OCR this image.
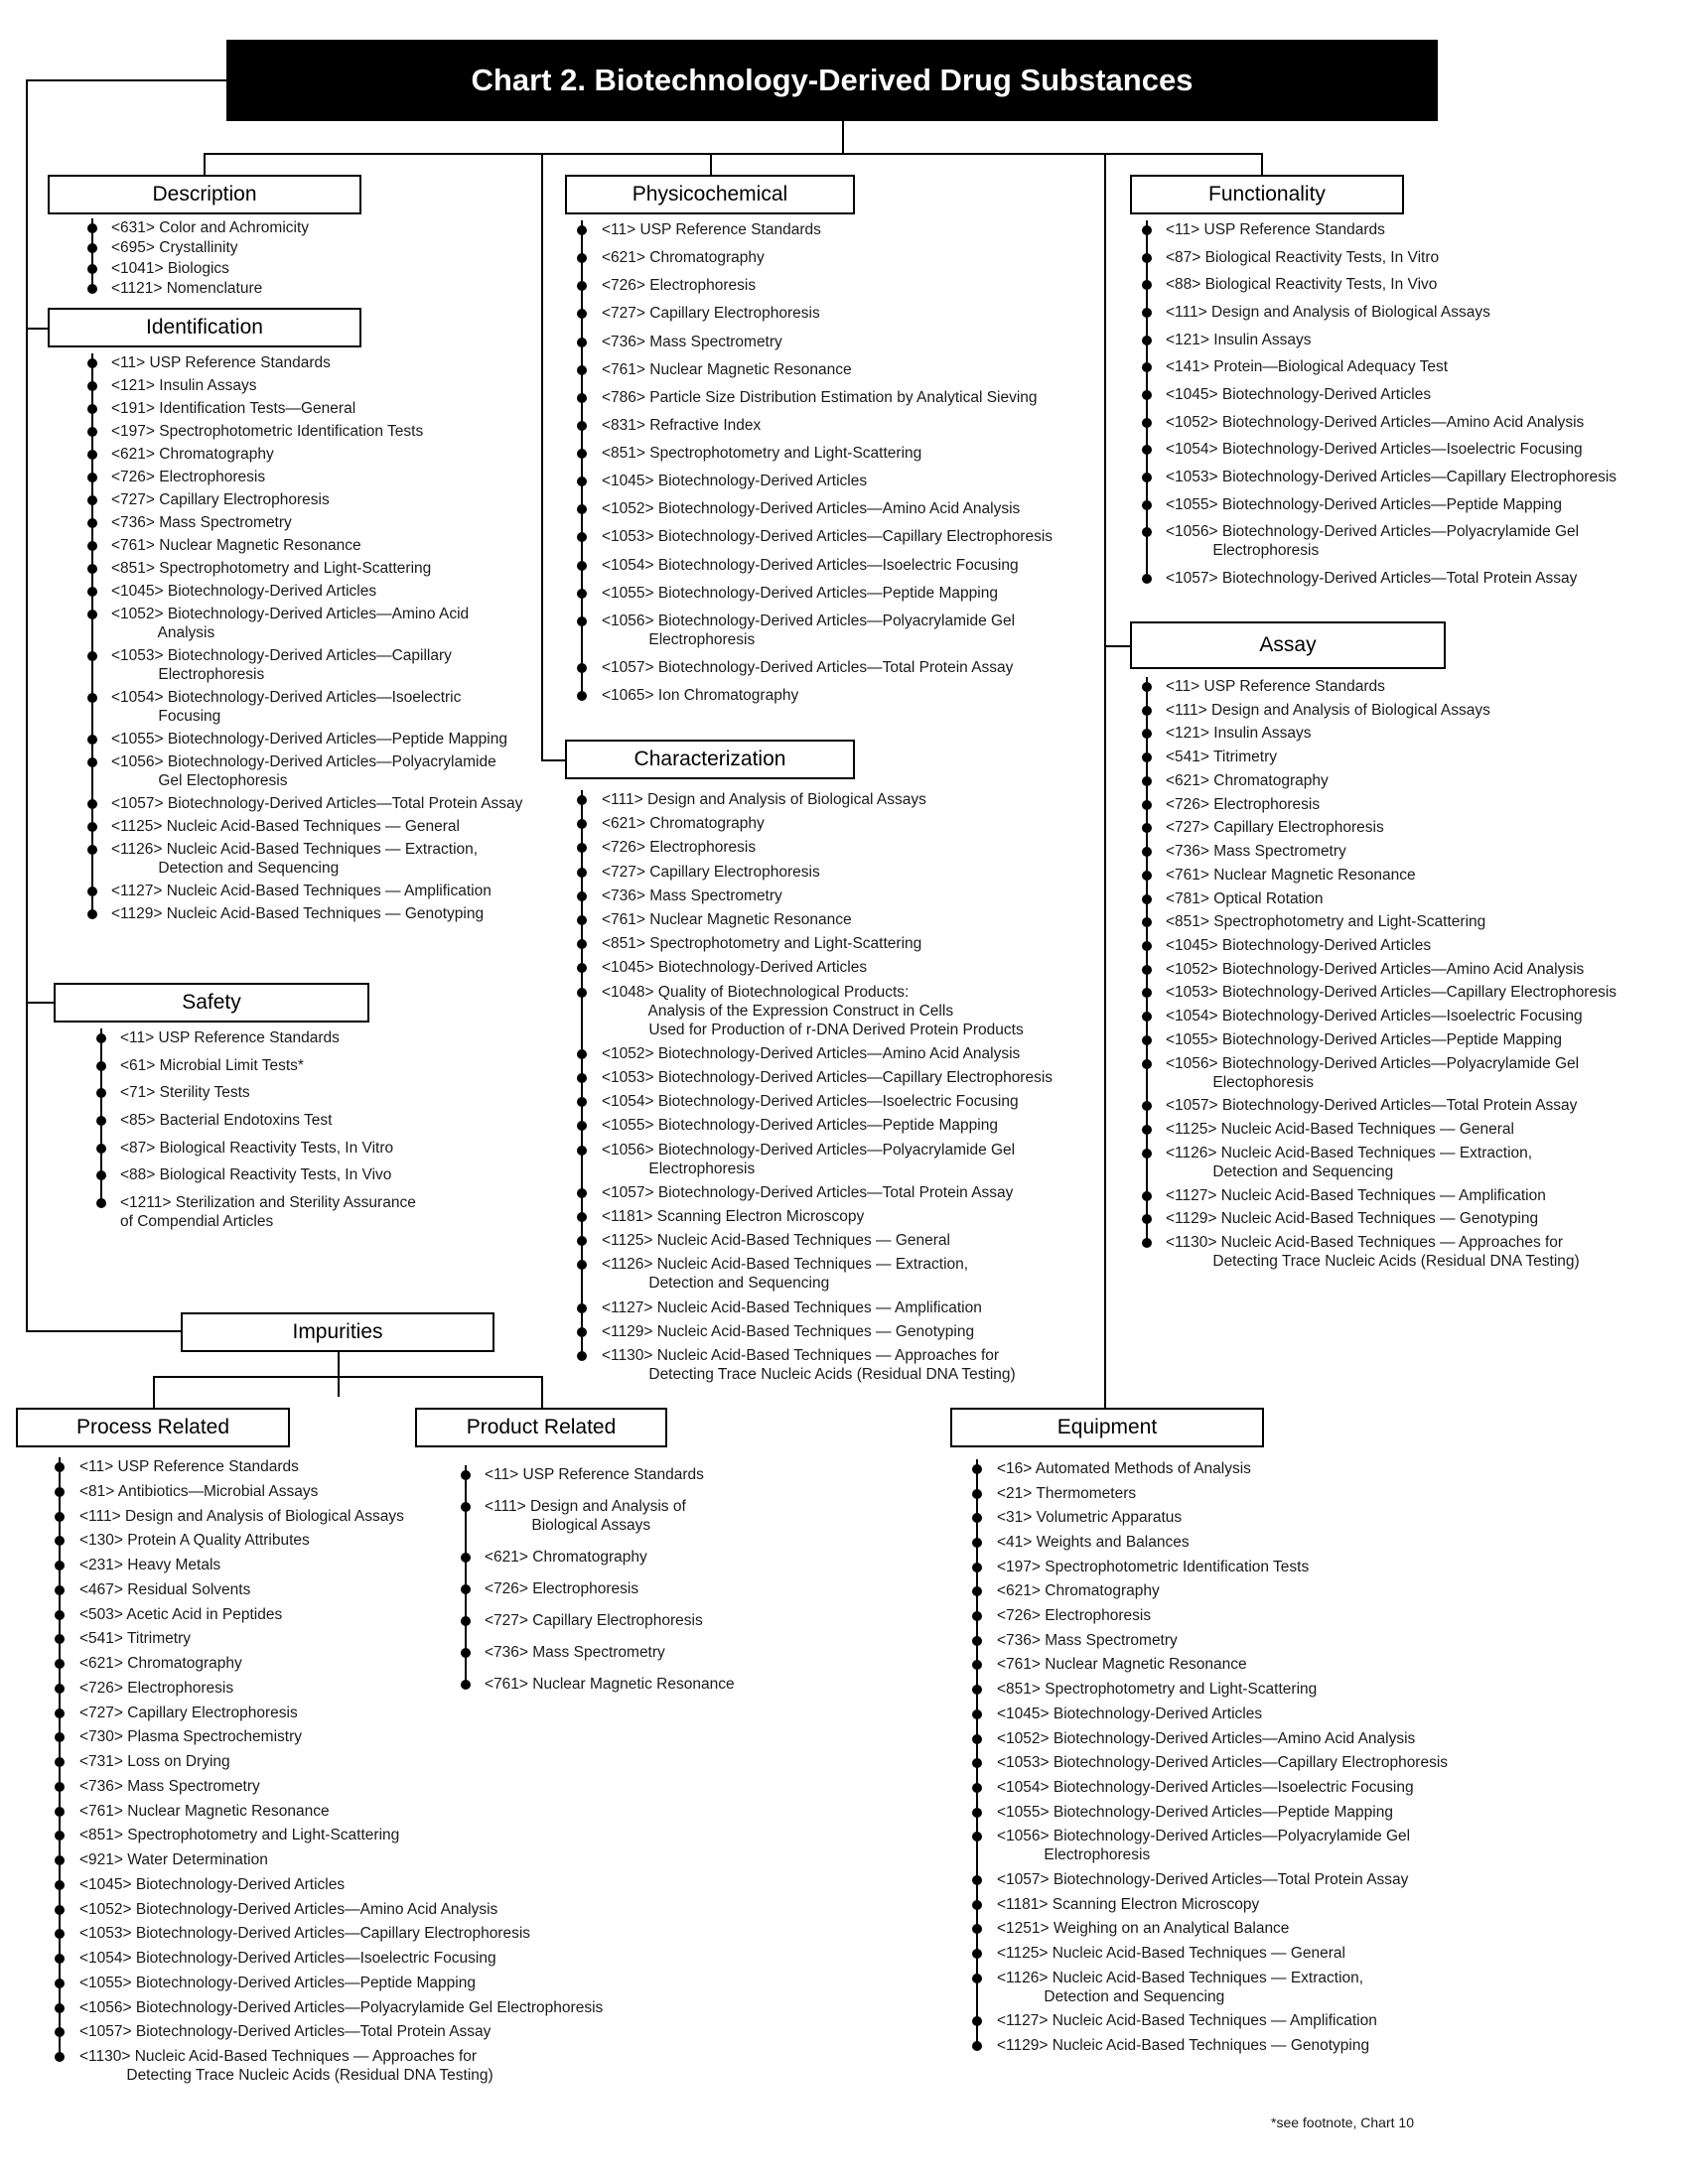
Chart 2. Biotechnology-Derived Drug Substances
Description
Identification
Safety
Physicochemical
Characterization
Functionality
Assay
Impurities
Process Related	Product Related	Equipment
<631> Color and Achromicity
<695> Crystallinity
<1041> Biologics
<1121> Nomenclature
<11> USP Reference Standards
<121> Insulin Assays
<191> Identification Tests—General
<197> Spectrophotometric Identification Tests
<621> Chromatography
<726> Electrophoresis
<727> Capillary Electrophoresis
<736> Mass Spectrometry
<761> Nuclear Magnetic Resonance
<851> Spectrophotometry and Light-Scattering
<1045> Biotechnology-Derived Articles
<1052> Biotechnology-Derived Articles—Amino Acid
Analysis
<1053> Biotechnology-Derived Articles—Capillary
Electrophoresis
<1054> Biotechnology-Derived Articles—Isoelectric
Focusing
<1055> Biotechnology-Derived Articles—Peptide Mapping
<1056> Biotechnology-Derived Articles—Polyacrylamide
Gel Electophoresis
<1057> Biotechnology-Derived Articles—Total Protein Assay
<1125> Nucleic Acid-Based Techniques — General
<1126> Nucleic Acid-Based Techniques — Extraction,
Detection and Sequencing
<1127> Nucleic Acid-Based Techniques — Amplification
<1129> Nucleic Acid-Based Techniques — Genotyping
<11> USP Reference Standards
<61> Microbial Limit Tests*
<71> Sterility Tests
<85> Bacterial Endotoxins Test
<87> Biological Reactivity Tests, In Vitro
<88> Biological Reactivity Tests, In Vivo
<1211> Sterilization and Sterility Assurance
of Compendial Articles
<11> USP Reference Standards
<621> Chromatography
<726> Electrophoresis
<727> Capillary Electrophoresis
<736> Mass Spectrometry
<761> Nuclear Magnetic Resonance
<786> Particle Size Distribution Estimation by Analytical Sieving
<831> Refractive Index
<851> Spectrophotometry and Light-Scattering
<1045> Biotechnology-Derived Articles
<1052> Biotechnology-Derived Articles—Amino Acid Analysis
<1053> Biotechnology-Derived Articles—Capillary Electrophoresis
<1054> Biotechnology-Derived Articles—Isoelectric Focusing
<1055> Biotechnology-Derived Articles—Peptide Mapping
<1056> Biotechnology-Derived Articles—Polyacrylamide Gel
Electrophoresis
<1057> Biotechnology-Derived Articles—Total Protein Assay
<1065> Ion Chromatography
<111> Design and Analysis of Biological Assays
<621> Chromatography
<726> Electrophoresis
<727> Capillary Electrophoresis
<736> Mass Spectrometry
<761> Nuclear Magnetic Resonance
<851> Spectrophotometry and Light-Scattering
<1045> Biotechnology-Derived Articles
<1048> Quality of Biotechnological Products:
Analysis of the Expression Construct in Cells
Used for Production of r-DNA Derived Protein Products
<1052> Biotechnology-Derived Articles—Amino Acid Analysis
<1053> Biotechnology-Derived Articles—Capillary Electrophoresis
<1054> Biotechnology-Derived Articles—Isoelectric Focusing
<1055> Biotechnology-Derived Articles—Peptide Mapping
<1056> Biotechnology-Derived Articles—Polyacrylamide Gel
Electrophoresis
<1057> Biotechnology-Derived Articles—Total Protein Assay
<1181> Scanning Electron Microscopy
<1125> Nucleic Acid-Based Techniques — General
<1126> Nucleic Acid-Based Techniques — Extraction,
Detection and Sequencing
<1127> Nucleic Acid-Based Techniques — Amplification
<1129> Nucleic Acid-Based Techniques — Genotyping
<1130> Nucleic Acid-Based Techniques — Approaches for
Detecting Trace Nucleic Acids (Residual DNA Testing)
<11> USP Reference Standards
<87> Biological Reactivity Tests, In Vitro
<88> Biological Reactivity Tests, In Vivo
<111> Design and Analysis of Biological Assays
<121> Insulin Assays
<141> Protein—Biological Adequacy Test
<1045> Biotechnology-Derived Articles
<1052> Biotechnology-Derived Articles—Amino Acid Analysis
<1054> Biotechnology-Derived Articles—Isoelectric Focusing
<1053> Biotechnology-Derived Articles—Capillary Electrophoresis
<1055> Biotechnology-Derived Articles—Peptide Mapping
<1056> Biotechnology-Derived Articles—Polyacrylamide Gel
Electrophoresis
<1057> Biotechnology-Derived Articles—Total Protein Assay
<11> USP Reference Standards
<111> Design and Analysis of Biological Assays
<121> Insulin Assays
<541> Titrimetry
<621> Chromatography
<726> Electrophoresis
<727> Capillary Electrophoresis
<736> Mass Spectrometry
<761> Nuclear Magnetic Resonance
<781> Optical Rotation
<851> Spectrophotometry and Light-Scattering
<1045> Biotechnology-Derived Articles
<1052> Biotechnology-Derived Articles—Amino Acid Analysis
<1053> Biotechnology-Derived Articles—Capillary Electrophoresis
<1054> Biotechnology-Derived Articles—Isoelectric Focusing
<1055> Biotechnology-Derived Articles—Peptide Mapping
<1056> Biotechnology-Derived Articles—Polyacrylamide Gel
Electophoresis
<1057> Biotechnology-Derived Articles—Total Protein Assay
<1125> Nucleic Acid-Based Techniques — General
<1126> Nucleic Acid-Based Techniques — Extraction,
Detection and Sequencing
<1127> Nucleic Acid-Based Techniques — Amplification
<1129> Nucleic Acid-Based Techniques — Genotyping
<1130> Nucleic Acid-Based Techniques — Approaches for
Detecting Trace Nucleic Acids (Residual DNA Testing)
<11> USP Reference Standards
<81> Antibiotics—Microbial Assays
<111> Design and Analysis of Biological Assays
<130> Protein A Quality Attributes
<231> Heavy Metals
<467> Residual Solvents
<503> Acetic Acid in Peptides
<541> Titrimetry
<621> Chromatography
<726> Electrophoresis
<727> Capillary Electrophoresis
<730> Plasma Spectrochemistry
<731> Loss on Drying
<736> Mass Spectrometry
<761> Nuclear Magnetic Resonance
<851> Spectrophotometry and Light-Scattering
<921> Water Determination
<1045> Biotechnology-Derived Articles
<1052> Biotechnology-Derived Articles—Amino Acid Analysis
<1053> Biotechnology-Derived Articles—Capillary Electrophoresis
<1054> Biotechnology-Derived Articles—Isoelectric Focusing
<1055> Biotechnology-Derived Articles—Peptide Mapping
<1056> Biotechnology-Derived Articles—Polyacrylamide Gel Electrophoresis
<1057> Biotechnology-Derived Articles—Total Protein Assay
<1130> Nucleic Acid-Based Techniques — Approaches for
Detecting Trace Nucleic Acids (Residual DNA Testing)
<11> USP Reference Standards
<111> Design and Analysis of
Biological Assays
<621> Chromatography
<726> Electrophoresis
<727> Capillary Electrophoresis
<736> Mass Spectrometry
<761> Nuclear Magnetic Resonance
<16> Automated Methods of Analysis
<21> Thermometers
<31> Volumetric Apparatus
<41> Weights and Balances
<197> Spectrophotometric Identification Tests
<621> Chromatography
<726> Electrophoresis
<736> Mass Spectrometry
<761> Nuclear Magnetic Resonance
<851> Spectrophotometry and Light-Scattering
<1045> Biotechnology-Derived Articles
<1052> Biotechnology-Derived Articles—Amino Acid Analysis
<1053> Biotechnology-Derived Articles—Capillary Electrophoresis
<1054> Biotechnology-Derived Articles—Isoelectric Focusing
<1055> Biotechnology-Derived Articles—Peptide Mapping
<1056> Biotechnology-Derived Articles—Polyacrylamide Gel
Electrophoresis
<1057> Biotechnology-Derived Articles—Total Protein Assay
<1181> Scanning Electron Microscopy
<1251> Weighing on an Analytical Balance
<1125> Nucleic Acid-Based Techniques — General
<1126> Nucleic Acid-Based Techniques — Extraction,
Detection and Sequencing
<1127> Nucleic Acid-Based Techniques — Amplification
<1129> Nucleic Acid-Based Techniques — Genotyping
*see footnote, Chart 10
